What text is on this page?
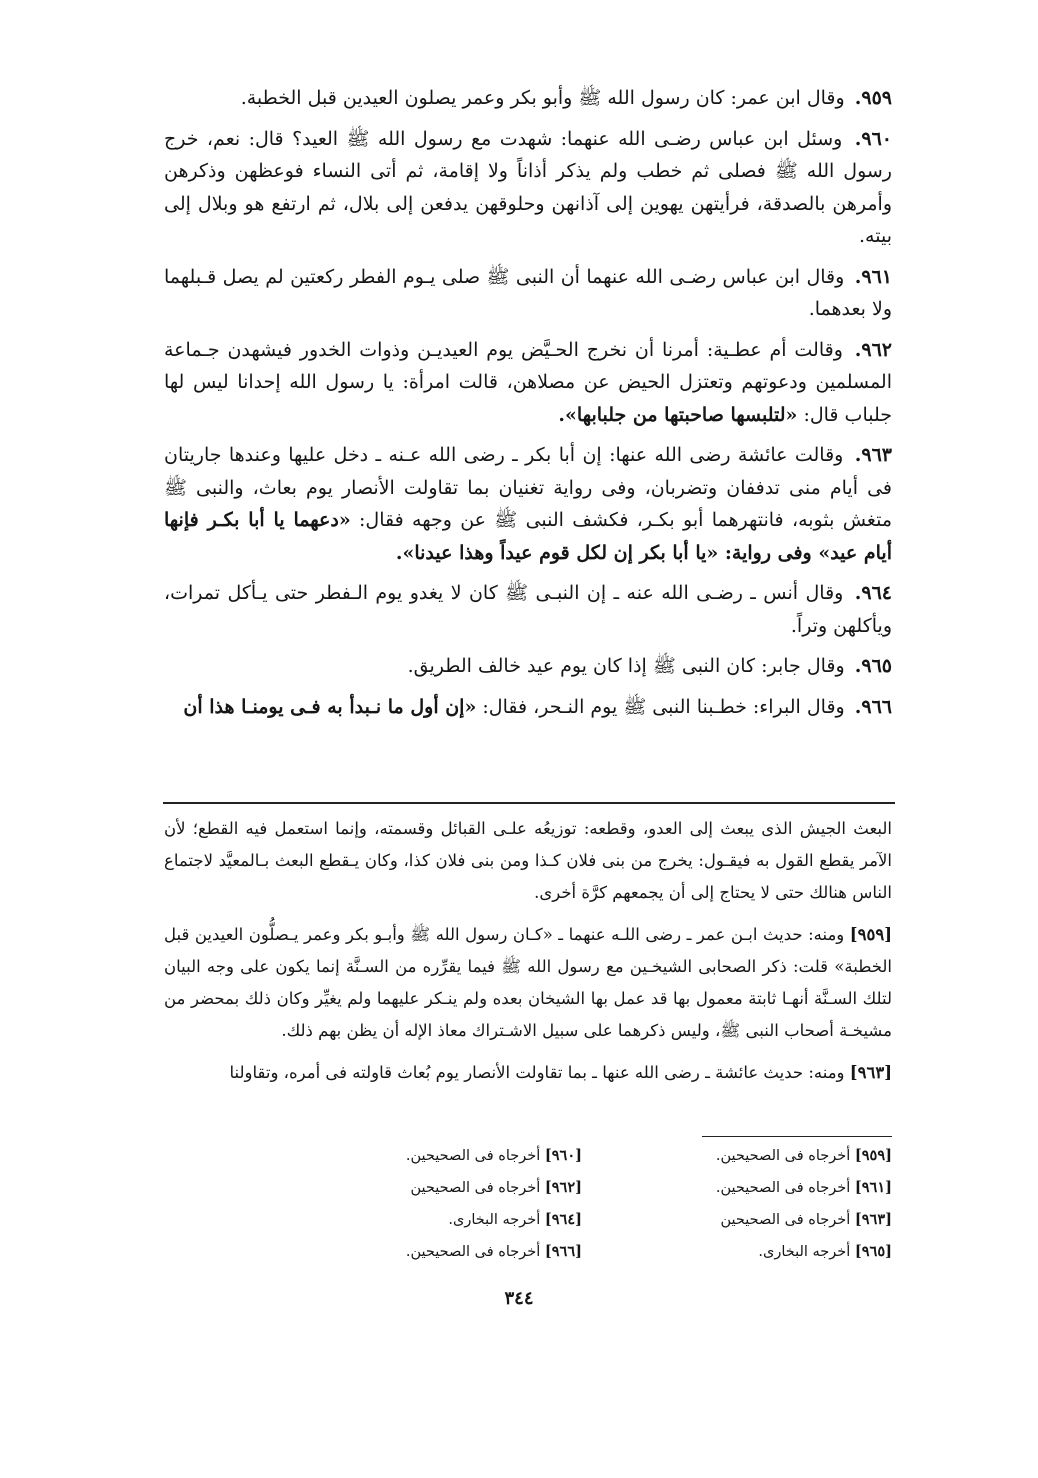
٩٥٩. وقال ابن عمر: كان رسول الله ﷺ وأبو بكر وعمر يصلون العيدين قبل الخطبة.

٩٦٠. وسئل ابن عباس رضـى الله عنهما: شهدت مع رسول الله ﷺ العيد؟ قال: نعم، خرج رسول الله ﷺ فصلى ثم خطب ولم يذكر أذاناً ولا إقامة، ثم أتى النساء فوعظهن وذكرهن وأمرهن بالصدقة، فرأيتهن يهوين إلى آذانهن وحلوقهن يدفعن إلى بلال، ثم ارتفع هو وبلال إلى بيته.

٩٦١. وقال ابن عباس رضـى الله عنهما أن النبى ﷺ صلى يـوم الفطر ركعتين لم يصل قـبلهما ولا بعدهما.

٩٦٢. وقالت أم عطـية: أمرنا أن نخرج الحـيَّض يوم العيديـن وذوات الخدور فيشهدن جـماعة المسلمين ودعوتهم وتعتزل الحيض عن مصلاهن، قالت امرأة: يا رسول الله إحدانا ليس لها جلباب قال: «لتلبسها صاحبتها من جلبابها».

٩٦٣. وقالت عائشة رضى الله عنها: إن أبا بكر ـ رضى الله عـنه ـ دخل عليها وعندها جاريتان فى أيام منى تدففان وتضربان، وفى رواية تغنيان بما تقاولت الأنصار يوم بعاث، والنبى ﷺ متغش بثوبه، فانتهرهما أبو بكـر، فكشف النبى ﷺ عن وجهه فقال: «دعهما يا أبا بكـر فإنها أيام عيد» وفى رواية: «يا أبا بكر إن لكل قوم عيداً وهذا عيدنا».

٩٦٤. وقال أنس ـ رضـى الله عنه ـ إن النبـى ﷺ كان لا يغدو يوم الـفطر حتى يـأكل تمرات، ويأكلهن وتراً.

٩٦٥. وقال جابر: كان النبى ﷺ إذا كان يوم عيد خالف الطريق.

٩٦٦. وقال البراء: خطـبنا النبى ﷺ يوم النـحر، فقال: «إن أول ما نـبدأ به فـى يومنـا هذا أن

البعث الجيش الذى يبعث إلى العدو، وقطعه: توزيعُه علـى القبائل وقسمته، وإنما استعمل فيه القطع؛ لأن الآمر يقطع القول به فيقـول: يخرج من بنى فلان كـذا ومن بنى فلان كذا، وكان يـقطع البعث بـالمعيَّد لاجتماع الناس هنالك حتى لا يحتاج إلى أن يجمعهم كرَّة أخرى.

[٩٥٩] ومنه: حديث ابـن عمر ـ رضى اللـه عنهما ـ «كـان رسول الله ﷺ وأبـو بكر وعمر يـصلُّون العيدين قبل الخطبة» قلت: ذكر الصحابى الشيخـين مع رسول الله ﷺ فيما يقرِّره من السـنَّة إنما يكون على وجه البيان لتلك السـنَّة أنهـا ثابتة معمول بها قد عمل بها الشيخان بعده ولم ينـكر عليهما ولم يغيِّر وكان ذلك بمحضر من مشيخـة أصحاب النبى ﷺ، وليس ذكرهما على سبيل الاشـتراك معاذ الإله أن يظن بهم ذلك.

[٩٦٣] ومنه: حديث عائشة ـ رضى الله عنها ـ بما تقاولت الأنصار يوم بُعاث قاولته فى أمره، وتقاولنا

[٩٥٩] أخرجاه فى الصحيحين.
[٩٦١] أخرجاه فى الصحيحين.
[٩٦٣] أخرجاه فى الصحيحين
[٩٦٥] أخرجه البخارى.
[٩٦٠] أخرجاه فى الصحيحين.
[٩٦٢] أخرجاه فى الصحيحين
[٩٦٤] أخرجه البخارى.
[٩٦٦] أخرجاه فى الصحيحين.
٣٤٤
